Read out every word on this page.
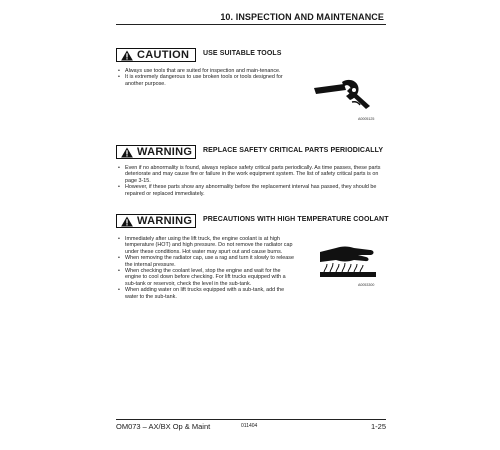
10. INSPECTION AND MAINTENANCE
CAUTION USE SUITABLE TOOLS
• Always use tools that are suited for inspection and main-tenance.
• It is extremely dangerous to use broken tools or tools designed for another purpose.
A0005125
WARNING REPLACE SAFETY CRITICAL PARTS PERIODICALLY
• Even if no abnormality is found, always replace safety critical parts periodically. As time passes, these parts deteriorate and may cause fire or failure in the work equipment system. The list of safety critical parts is on page 3-15.
• However, if these parts show any abnormality before the replacement interval has passed, they should be repaired or replaced immediately.
WARNING PRECAUTIONS WITH HIGH TEMPERATURE COOLANT
• Immediately after using the lift truck, the engine coolant is at high temperature (HOT) and high pressure. Do not remove the radiator cap under these conditions. Hot water may spurt out and cause burns.
• When removing the radiator cap, use a rag and turn it slowly to release the internal pressure.
• When checking the coolant level, stop the engine and wait for the engine to cool down before checking. For lift trucks equipped with a sub-tank or reservoir, check the level in the sub-tank.
• When adding water on lift trucks equipped with a sub-tank, add the water to the sub-tank.
A0053300
OM073 – AX/BX Op & Maint	011404	1-25
